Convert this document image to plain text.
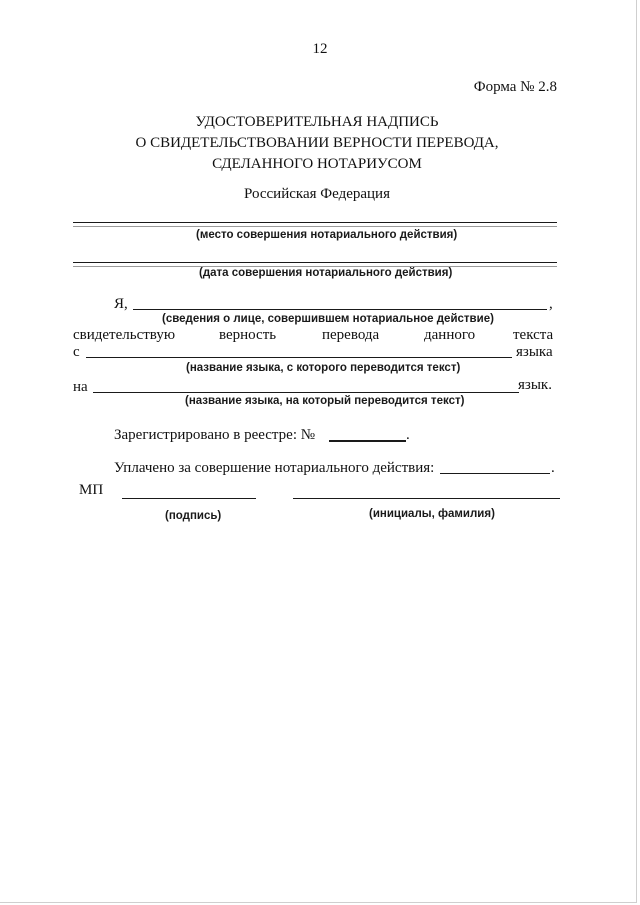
12
Форма № 2.8
УДОСТОВЕРИТЕЛЬНАЯ НАДПИСЬ
О СВИДЕТЕЛЬСТВОВАНИИ ВЕРНОСТИ ПЕРЕВОДА,
СДЕЛАННОГО НОТАРИУСОМ
Российская Федерация
(место совершения нотариального действия)
(дата совершения нотариального действия)
Я,	,
(сведения о лице, совершившем нотариальное действие)
свидетельствую	верность	перевода	данного	текста
с	языка
(название языка, с которого переводится текст)
на	язык.
(название языка, на который переводится текст)
Зарегистрировано в реестре: №	.
Уплачено за совершение нотариального действия:	.
МП
(подпись)	(инициалы, фамилия)
